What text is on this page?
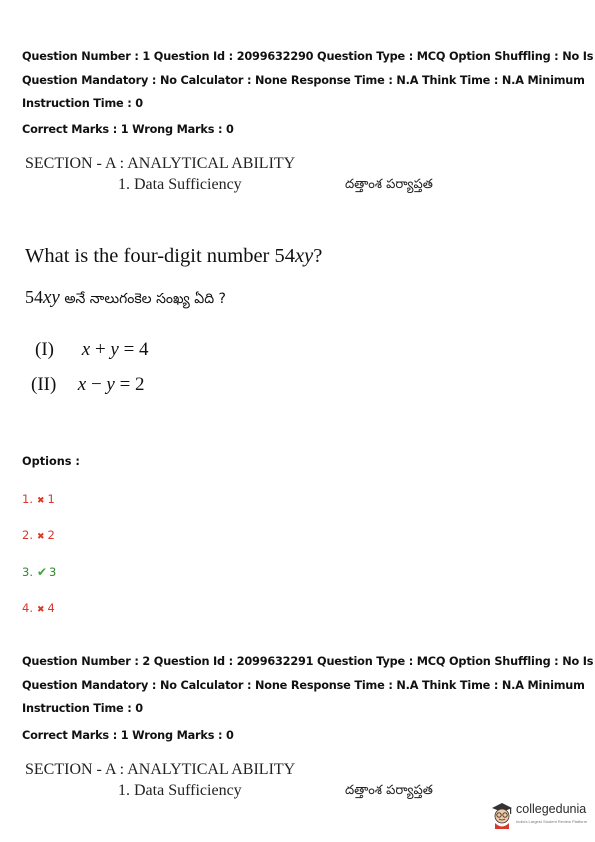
Question Number : 1 Question Id : 2099632290 Question Type : MCQ Option Shuffling : No Is
Question Mandatory : No Calculator : None Response Time : N.A Think Time : N.A Minimum
Instruction Time : 0
Correct Marks : 1 Wrong Marks : 0
SECTION - A : ANALYTICAL ABILITY
1. Data Sufficiency	దత్తాంశ పర్యాప్తత
What is the four-digit number 54xy?
54xy అనే నాలుగంకెల సంఖ్య ఏది ?
(I) x + y = 4
(II) x − y = 2
Options :
1. ✖ 1
2. ✖ 2
3. ✔ 3
4. ✖ 4
Question Number : 2 Question Id : 2099632291 Question Type : MCQ Option Shuffling : No Is
Question Mandatory : No Calculator : None Response Time : N.A Think Time : N.A Minimum
Instruction Time : 0
Correct Marks : 1 Wrong Marks : 0
SECTION - A : ANALYTICAL ABILITY
1. Data Sufficiency	దత్తాంశ పర్యాప్తత
collegedunia
India's Largest Student Review Platform
